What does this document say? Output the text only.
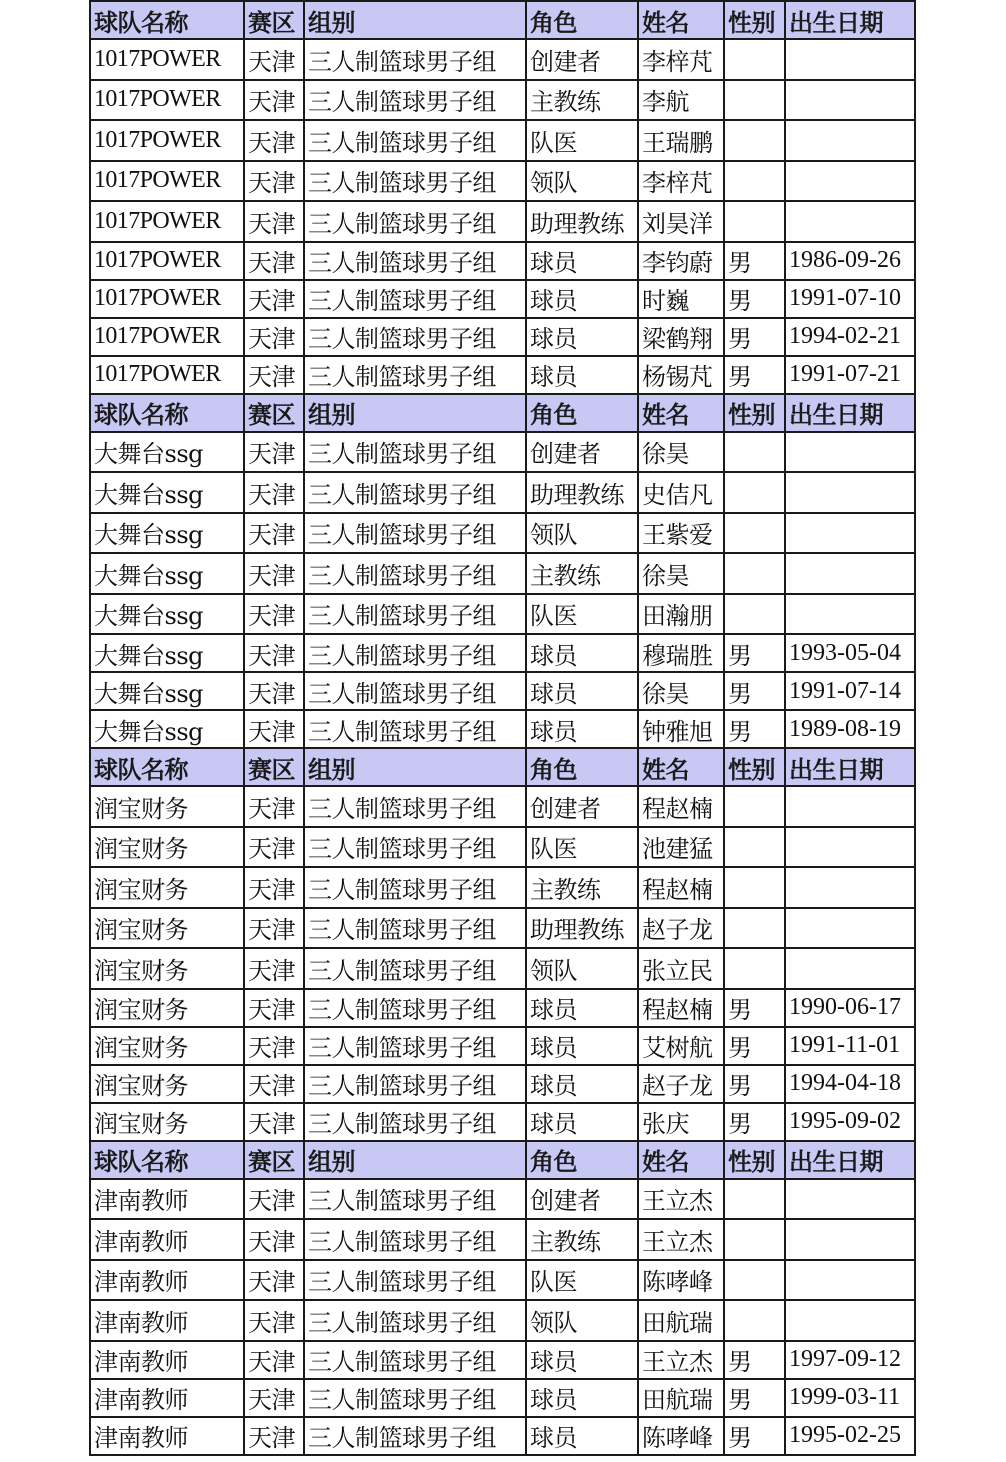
球队名称	赛区	组别	角色	姓名	性别	出生日期
1017POWER	天津	三人制篮球男子组	创建者	李梓芃		
1017POWER	天津	三人制篮球男子组	主教练	李航		
1017POWER	天津	三人制篮球男子组	队医	王瑞鹏		
1017POWER	天津	三人制篮球男子组	领队	李梓芃		
1017POWER	天津	三人制篮球男子组	助理教练	刘昊洋		
1017POWER	天津	三人制篮球男子组	球员	李钧蔚	男	1986-09-26
1017POWER	天津	三人制篮球男子组	球员	时巍	男	1991-07-10
1017POWER	天津	三人制篮球男子组	球员	梁鹤翔	男	1994-02-21
1017POWER	天津	三人制篮球男子组	球员	杨锡芃	男	1991-07-21
球队名称	赛区	组别	角色	姓名	性别	出生日期
大舞台ssg	天津	三人制篮球男子组	创建者	徐昊		
大舞台ssg	天津	三人制篮球男子组	助理教练	史佶凡		
大舞台ssg	天津	三人制篮球男子组	领队	王紫爱		
大舞台ssg	天津	三人制篮球男子组	主教练	徐昊		
大舞台ssg	天津	三人制篮球男子组	队医	田瀚朋		
大舞台ssg	天津	三人制篮球男子组	球员	穆瑞胜	男	1993-05-04
大舞台ssg	天津	三人制篮球男子组	球员	徐昊	男	1991-07-14
大舞台ssg	天津	三人制篮球男子组	球员	钟雅旭	男	1989-08-19
球队名称	赛区	组别	角色	姓名	性别	出生日期
润宝财务	天津	三人制篮球男子组	创建者	程赵楠		
润宝财务	天津	三人制篮球男子组	队医	池建猛		
润宝财务	天津	三人制篮球男子组	主教练	程赵楠		
润宝财务	天津	三人制篮球男子组	助理教练	赵子龙		
润宝财务	天津	三人制篮球男子组	领队	张立民		
润宝财务	天津	三人制篮球男子组	球员	程赵楠	男	1990-06-17
润宝财务	天津	三人制篮球男子组	球员	艾树航	男	1991-11-01
润宝财务	天津	三人制篮球男子组	球员	赵子龙	男	1994-04-18
润宝财务	天津	三人制篮球男子组	球员	张庆	男	1995-09-02
球队名称	赛区	组别	角色	姓名	性别	出生日期
津南教师	天津	三人制篮球男子组	创建者	王立杰		
津南教师	天津	三人制篮球男子组	主教练	王立杰		
津南教师	天津	三人制篮球男子组	队医	陈哮峰		
津南教师	天津	三人制篮球男子组	领队	田航瑞		
津南教师	天津	三人制篮球男子组	球员	王立杰	男	1997-09-12
津南教师	天津	三人制篮球男子组	球员	田航瑞	男	1999-03-11
津南教师	天津	三人制篮球男子组	球员	陈哮峰	男	1995-02-25
